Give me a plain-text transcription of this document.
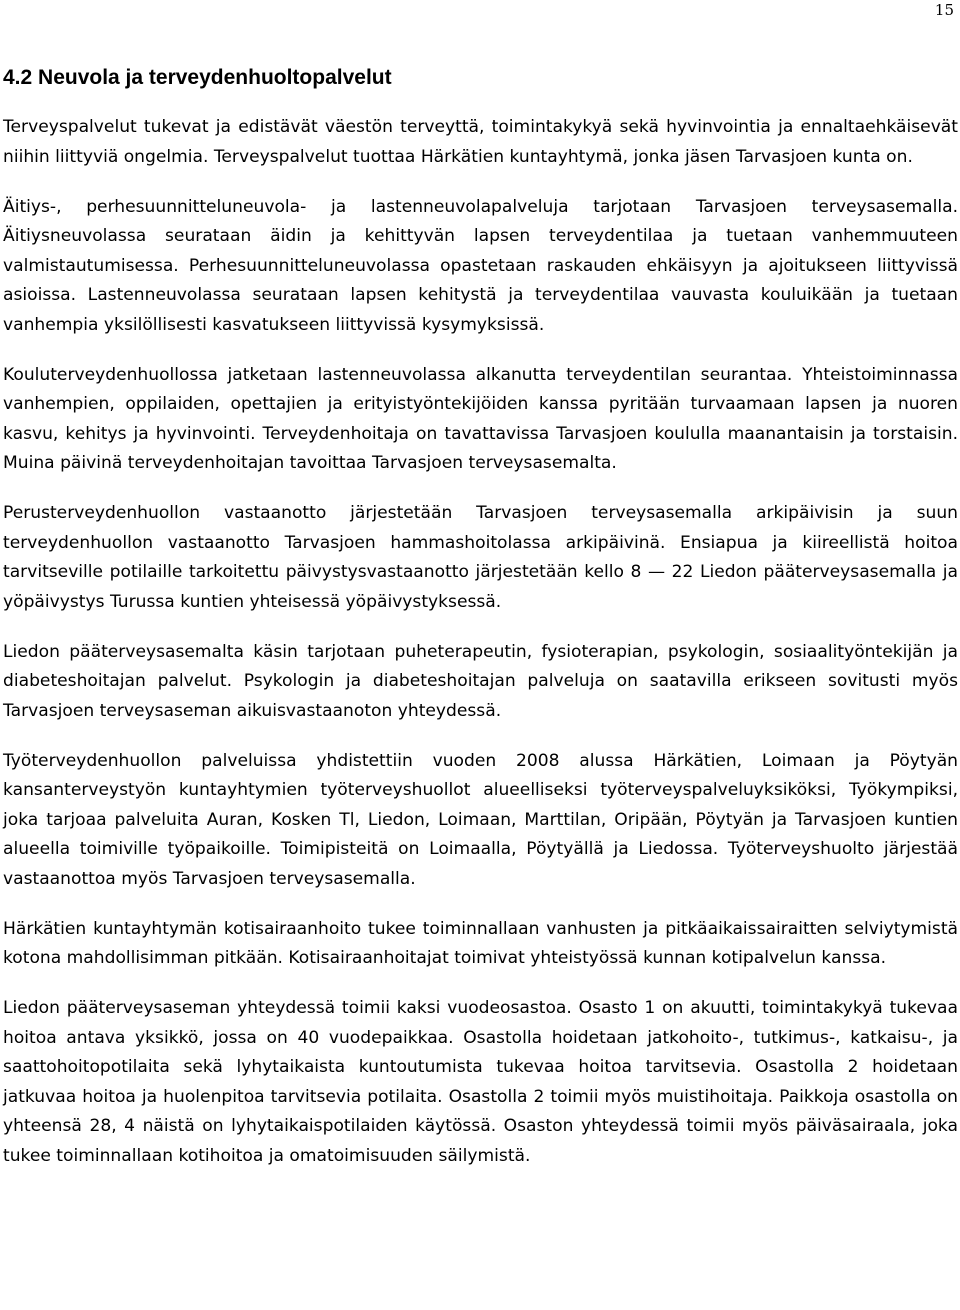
15
4.2 Neuvola ja terveydenhuoltopalvelut

Terveyspalvelut tukevat ja edistävät väestön terveyttä, toimintakykyä sekä hyvinvointia ja ennaltaehkäisevät niihin liittyviä ongelmia. Terveyspalvelut tuottaa Härkätien kuntayhtymä, jonka jäsen Tarvasjoen kunta on.

Äitiys-, perhesuunnitteluneuvola- ja lastenneuvolapalveluja tarjotaan Tarvasjoen terveysasemalla. Äitiysneuvolassa seurataan äidin ja kehittyvän lapsen terveydentilaa ja tuetaan vanhemmuuteen valmistautumisessa. Perhesuunnitteluneuvolassa opastetaan raskauden ehkäisyyn ja ajoitukseen liittyvissä asioissa. Lastenneuvolassa seurataan lapsen kehitystä ja terveydentilaa vauvasta kouluikään ja tuetaan vanhempia yksilöllisesti kasvatukseen liittyvissä kysymyksissä.

Kouluterveydenhuollossa jatketaan lastenneuvolassa alkanutta terveydentilan seurantaa. Yhteistoiminnassa vanhempien, oppilaiden, opettajien ja erityistyöntekijöiden kanssa pyritään turvaamaan lapsen ja nuoren kasvu, kehitys ja hyvinvointi. Terveydenhoitaja on tavattavissa Tarvasjoen koululla maanantaisin ja torstaisin. Muina päivinä terveydenhoitajan tavoittaa Tarvasjoen terveysasemalta.

Perusterveydenhuollon vastaanotto järjestetään Tarvasjoen terveysasemalla arkipäivisin ja suun terveydenhuollon vastaanotto Tarvasjoen hammashoitolassa arkipäivinä. Ensiapua ja kiireellistä hoitoa tarvitseville potilaille tarkoitettu päivystysvastaanotto järjestetään kello 8 — 22 Liedon pääterveysasemalla ja yöpäivystys Turussa kuntien yhteisessä yöpäivystyksessä.

Liedon pääterveysasemalta käsin tarjotaan puheterapeutin, fysioterapian, psykologin, sosiaalityöntekijän ja diabeteshoitajan palvelut. Psykologin ja diabeteshoitajan palveluja on saatavilla erikseen sovitusti myös Tarvasjoen terveysaseman aikuisvastaanoton yhteydessä.

Työterveydenhuollon palveluissa yhdistettiin vuoden 2008 alussa Härkätien, Loimaan ja Pöytyän kansanterveystyön kuntayhtymien työterveyshuollot alueelliseksi työterveyspalveluyksiköksi, Työkympiksi, joka tarjoaa palveluita Auran, Kosken Tl, Liedon, Loimaan, Marttilan, Oripään, Pöytyän ja Tarvasjoen kuntien alueella toimiville työpaikoille. Toimipisteitä on Loimaalla, Pöytyällä ja Liedossa. Työterveyshuolto järjestää vastaanottoa myös Tarvasjoen terveysasemalla.

Härkätien kuntayhtymän kotisairaanhoito tukee toiminnallaan vanhusten ja pitkäaikaissairaitten selviytymistä kotona mahdollisimman pitkään. Kotisairaanhoitajat toimivat yhteistyössä kunnan kotipalvelun kanssa.

Liedon pääterveysaseman yhteydessä toimii kaksi vuodeosastoa. Osasto 1 on akuutti, toimintakykyä tukevaa hoitoa antava yksikkö, jossa on 40 vuodepaikkaa. Osastolla hoidetaan jatkohoito-, tutkimus-, katkaisu-, ja saattohoitopotilaita sekä lyhytaikaista kuntoutumista tukevaa hoitoa tarvitsevia. Osastolla 2 hoidetaan jatkuvaa hoitoa ja huolenpitoa tarvitsevia potilaita. Osastolla 2 toimii myös muistihoitaja. Paikkoja osastolla on yhteensä 28, 4 näistä on lyhytaikaispotilaiden käytössä. Osaston yhteydessä toimii myös päiväsairaala, joka tukee toiminnallaan kotihoitoa ja omatoimisuuden säilymistä.
